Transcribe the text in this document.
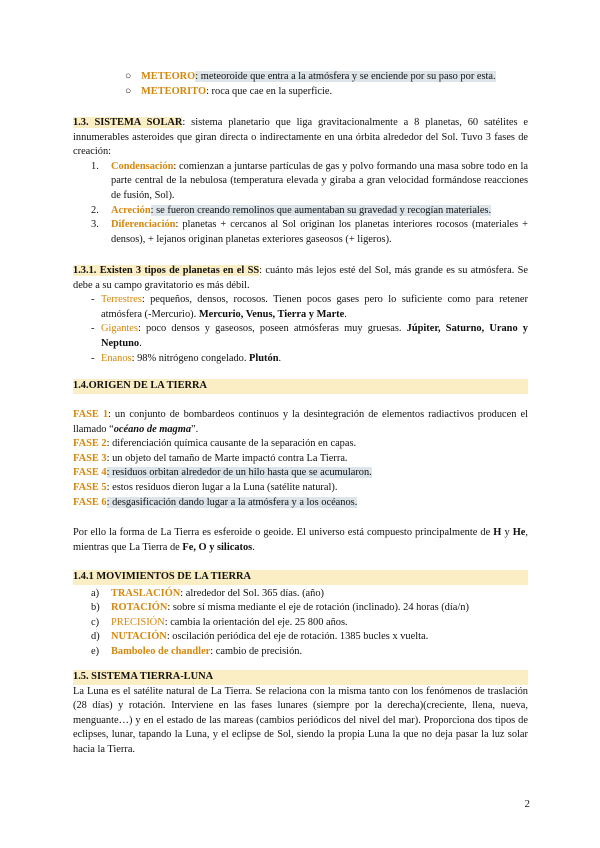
○ METEORO: meteoroide que entra a la atmósfera y se enciende por su paso por esta.
○ METEORITO: roca que cae en la superficie.

1.3. SISTEMA SOLAR: sistema planetario que liga gravitacionalmente a 8 planetas, 60 satélites e innumerables asteroides que giran directa o indirectamente en una órbita alrededor del Sol. Tuvo 3 fases de creación:

1.	Condensación: comienzan a juntarse partículas de gas y polvo formando una masa sobre todo en la parte central de la nebulosa (temperatura elevada y giraba a gran velocidad formándose reacciones de fusión, Sol).
2.	Acreción: se fueron creando remolinos que aumentaban su gravedad y recogían materiales.
3.	Diferenciación: planetas + cercanos al Sol originan los planetas interiores rocosos (materiales + densos), + lejanos originan planetas exteriores gaseosos (+ ligeros).

1.3.1. Existen 3 tipos de planetas en el SS: cuánto más lejos esté del Sol, más grande es su atmósfera. Se debe a su campo gravitatorio es más débil.

- Terrestres: pequeños, densos, rocosos. Tienen pocos gases pero lo suficiente como para retener atmósfera (-Mercurio). Mercurio, Venus, Tierra y Marte.
- Gigantes: poco densos y gaseosos, poseen atmósferas muy gruesas. Júpiter, Saturno, Urano y Neptuno.
- Enanos: 98% nitrógeno congelado. Plutón.
1.4.ORIGEN DE LA TIERRA

FASE 1: un conjunto de bombardeos continuos y la desintegración de elementos radiactivos producen el llamado “océano de magma”.

FASE 2: diferenciación química causante de la separación en capas.

FASE 3: un objeto del tamaño de Marte impactó contra La Tierra.

FASE 4: residuos orbitan alrededor de un hilo hasta que se acumularon.

FASE 5: estos residuos dieron lugar a la Luna (satélite natural).

FASE 6: desgasificación dando lugar a la atmósfera y a los océanos.

Por ello la forma de La Tierra es esferoide o geoide. El universo está compuesto principalmente de H y He, mientras que La Tierra de Fe, O y silicatos.

1.4.1 MOVIMIENTOS DE LA TIERRA
a) TRASLACIÓN: alrededor del Sol. 365 días. (año)
b) ROTACIÓN: sobre sí misma mediante el eje de rotación (inclinado). 24 horas (día/n)
c) PRECISIÓN: cambia la orientación del eje. 25 800 años.
d) NUTACIÓN: oscilación periódica del eje de rotación. 1385 bucles x vuelta.
e) Bamboleo de chandler: cambio de precisión.
1.5. SISTEMA TIERRA-LUNA

La Luna es el satélite natural de La Tierra. Se relaciona con la misma tanto con los fenómenos de traslación (28 días) y rotación. Interviene en las fases lunares (siempre por la derecha)(creciente, llena, nueva, menguante…) y en el estado de las mareas (cambios periódicos del nivel del mar). Proporciona dos tipos de eclipses, lunar, tapando la Luna, y el eclipse de Sol, siendo la propia Luna la que no deja pasar la luz solar hacia la Tierra.

2
